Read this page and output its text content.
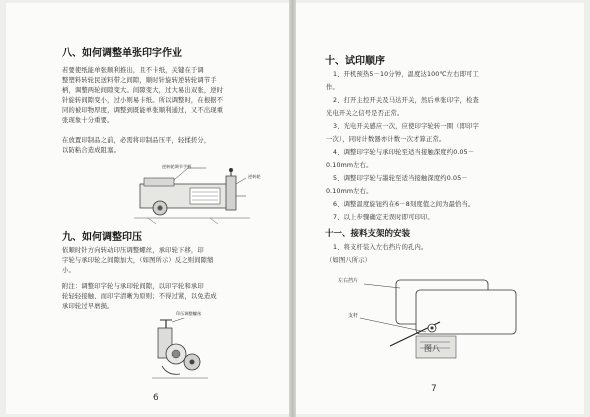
八、如何调整单张印字作业
若要使纸能单张顺利推出，且不卡纸，关键在于调
整塑料转轮民送料带之间隙，顺时针旋转逆转轮调节手
柄，调整两轮间隙变大。间隙变大，过大易出双张，逆时
针旋转间隙变小，过小则易卡纸。所以调整时，在根据不
同的被印物厚度，调整到既能单张顺利通过，又不出现重
张现象十分重要。
在放置印制品之前，必需将印制品压平，轻揉搓分，
以防粘合造成阻塞。
逆转轮调节手柄
逆转轮
九、如何调整印压
依顺时针方向转动印压调整螺丝，承印轮下移，印
字轮与承印轮之间隙加大，（如图所示）反之则间隙缩
小。
附注：调整印字轮与承印轮间隙，以印字轮和承印
轮轻轻接触、而印字清晰为原则；不得过紧，以免造成
承印轮过早磨损。
印压调整螺丝
6
十、试印顺序
1、开机预热5－10分钟，温度达100℃左右即可工
作。
2、打开主控开关及马达开关，然后单张印字，检查
光电开关之信号是否正常。
3、光电开关感应一次，应使印字轮转一圈（即印字
一次），同时计数器亦计数一次才算正常。
4、调整印字轮与承印轮至适当接触深度约0.05－
0.10mm左右。
5、调整印字轮与墨轮至适当接触深度约0.05－
0.10mm左右。
6、调整温度旋钮约在6－8刻度值之间为最恰当。
7、以上步骤确定无误时即可印印。
十一、接料支架的安装
1、将支杆装入左右挡片的孔内。
（如图八所示）
左右挡片
支杆
图八
7
